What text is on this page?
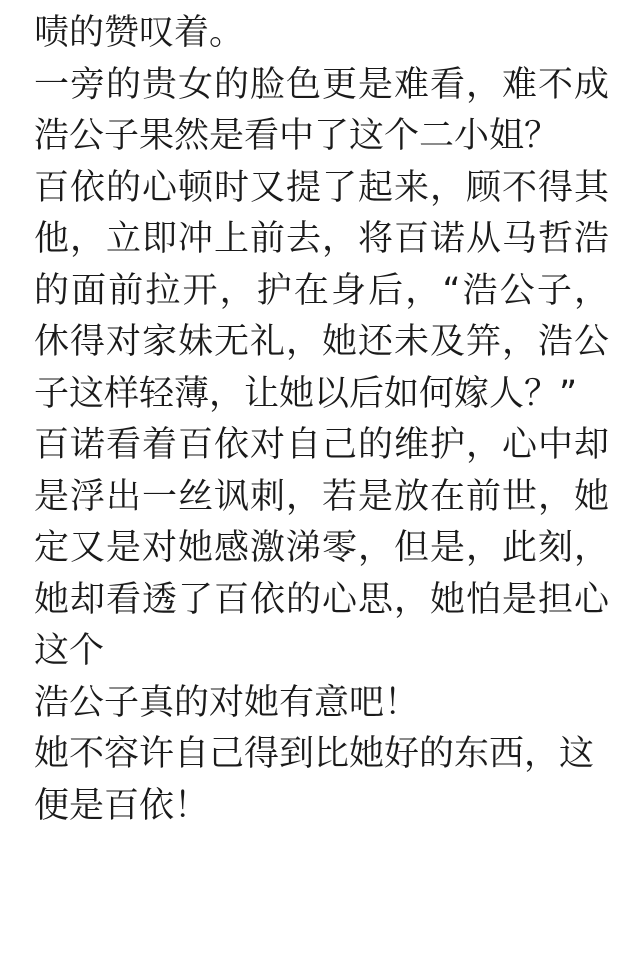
啧的赞叹着。

一旁的贵女的脸色更是难看，难不成浩公子果然是看中了这个二小姐？

百依的心顿时又提了起来，顾不得其他，立即冲上前去，将百诺从马哲浩的面前拉开，护在身后，“浩公子，休得对家妹无礼，她还未及笄，浩公子这样轻薄，让她以后如何嫁人？”

百诺看着百依对自己的维护，心中却是浮出一丝讽刺，若是放在前世，她定又是对她感激涕零，但是，此刻，她却看透了百依的心思，她怕是担心这个

浩公子真的对她有意吧！

她不容许自己得到比她好的东西，这便是百依！
